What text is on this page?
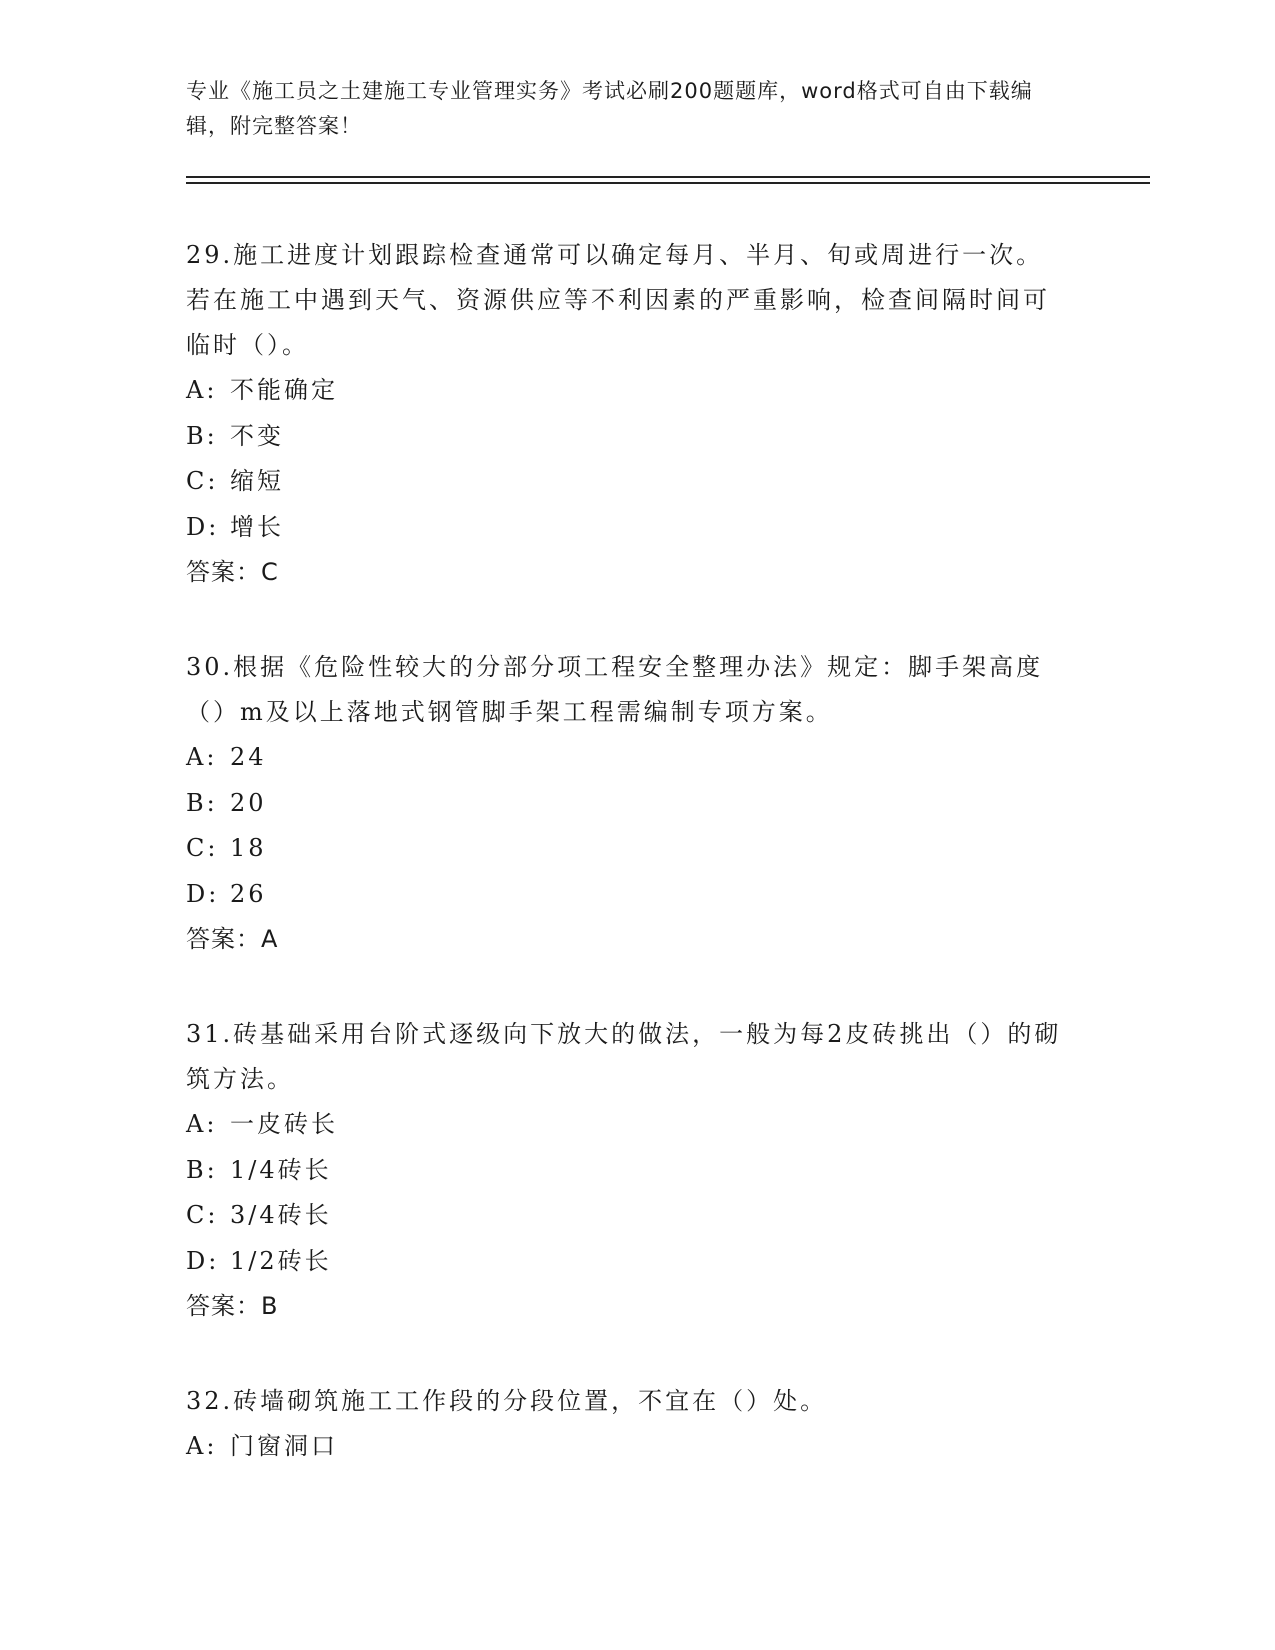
专业《施工员之土建施工专业管理实务》考试必刷200题题库，word格式可自由下载编辑，附完整答案！
29.施工进度计划跟踪检查通常可以确定每月、半月、旬或周进行一次。若在施工中遇到天气、资源供应等不利因素的严重影响，检查间隔时间可临时（）。
A: 不能确定
B: 不变
C: 缩短
D: 增长
答案：C
30.根据《危险性较大的分部分项工程安全整理办法》规定：脚手架高度（）m及以上落地式钢管脚手架工程需编制专项方案。
A: 24
B: 20
C: 18
D: 26
答案：A
31.砖基础采用台阶式逐级向下放大的做法，一般为每2皮砖挑出（）的砌筑方法。
A: 一皮砖长
B: 1/4砖长
C: 3/4砖长
D: 1/2砖长
答案：B
32.砖墙砌筑施工工作段的分段位置，不宜在（）处。
A: 门窗洞口
